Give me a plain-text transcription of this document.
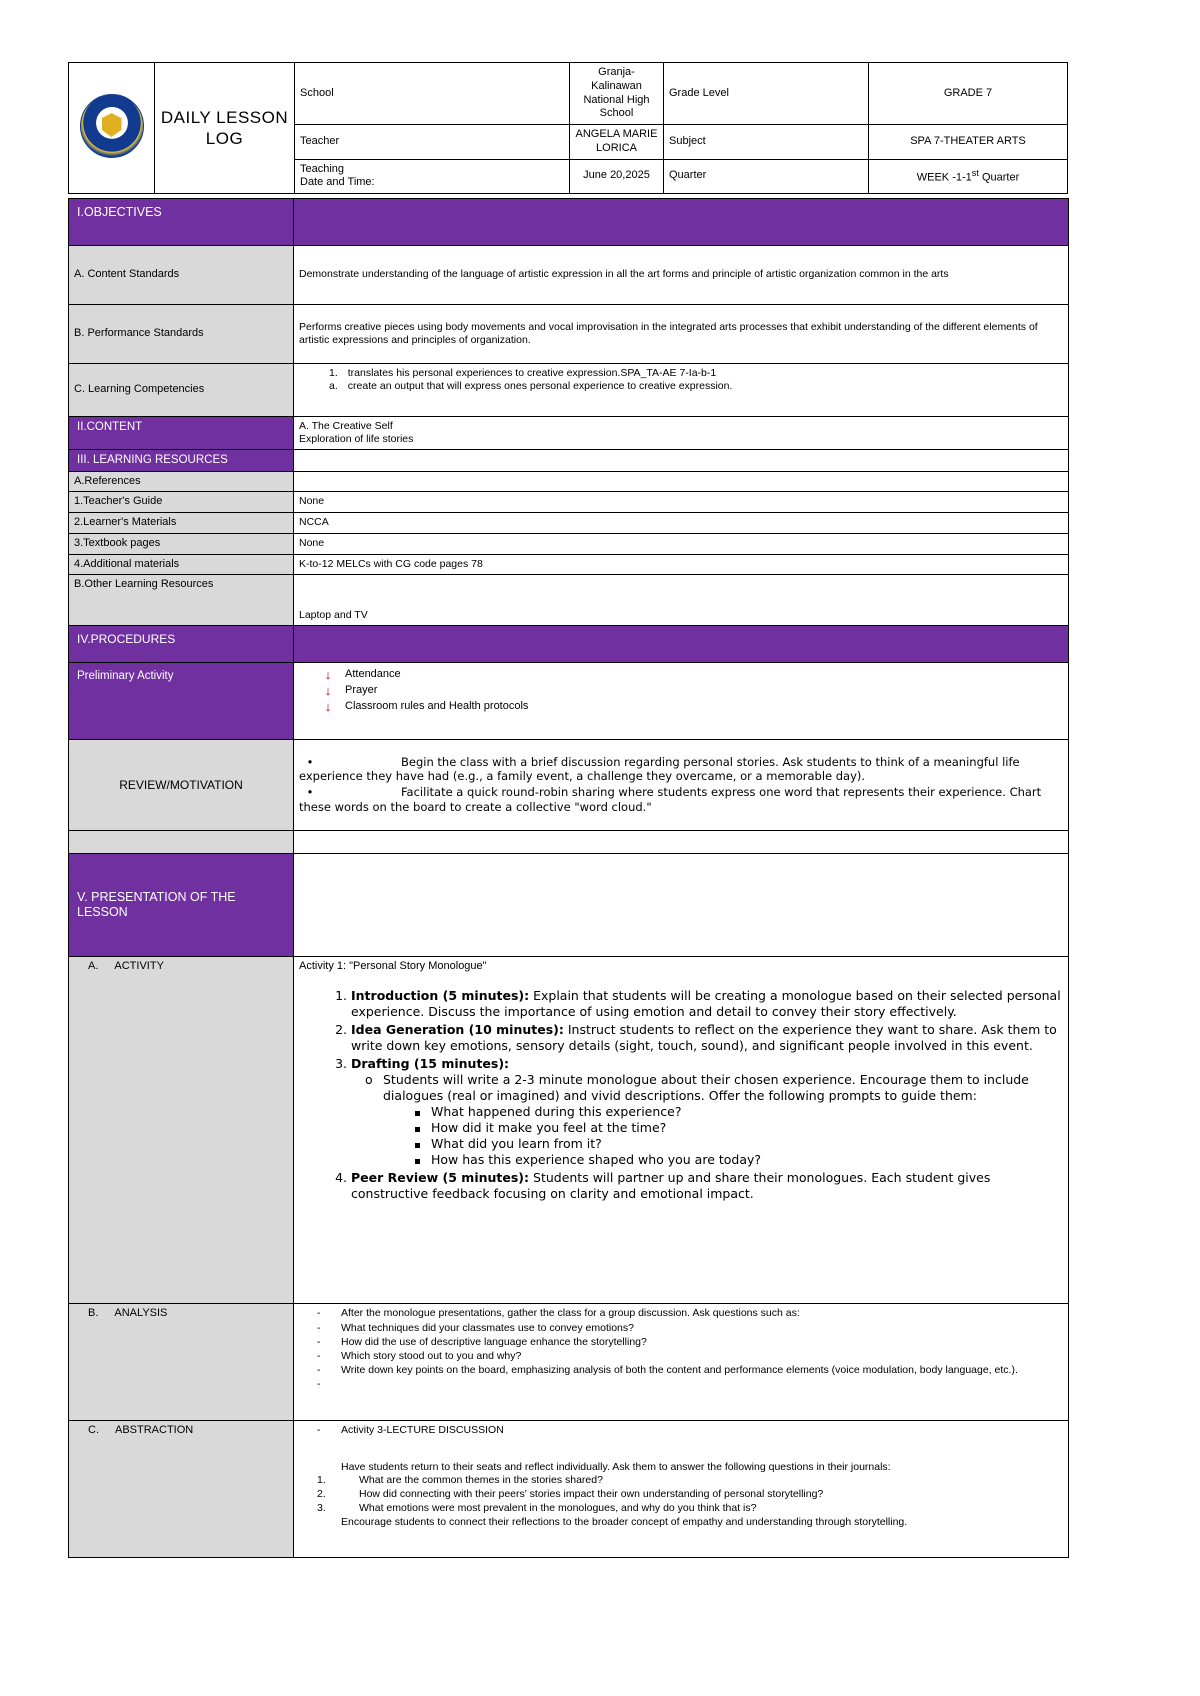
	DAILY LESSON LOG	School	Granja-Kalinawan National High School	Grade Level	GRADE 7
		Teacher	ANGELA MARIE LORICA	Subject	SPA 7-THEATER ARTS
		Teaching
Date and Time:	June 20,2025	Quarter	WEEK -1-1st Quarter
I.OBJECTIVES	
A. Content Standards	Demonstrate understanding of the language of artistic expression in all the art forms and principle of artistic organization common in the arts
B. Performance Standards	Performs creative pieces using body movements and vocal improvisation in the integrated arts processes that exhibit understanding of the different elements of artistic expressions and principles of organization.
C. Learning Competencies	1. translates his personal experiences to creative expression.SPA_TA-AE 7-Ia-b-1
a. create an output that will express ones personal experience to creative expression.

II.CONTENT	A. The Creative Self
Exploration of life stories

III. LEARNING RESOURCES	
A.References	
1.Teacher's Guide	None
2.Learner's Materials	NCCA
3.Textbook pages	None
4.Additional materials	K-to-12 MELCs with CG code pages 78
B.Other Learning Resources	Laptop and TV
IV.PROCEDURES	
Preliminary Activity	↓	Attendance
↓	Prayer
↓	Classroom rules and Health protocols

REVIEW/MOTIVATION	• Begin the class with a brief discussion regarding personal stories. Ask students to think of a meaningful life experience they have had (e.g., a family event, a challenge they overcame, or a memorable day).

• Facilitate a quick round-robin sharing where students express one word that represents their experience. Chart these words on the board to create a collective "word cloud."

V. PRESENTATION OF THE LESSON	

A. ACTIVITY	Activity 1: "Personal Story Monologue"
1. Introduction (5 minutes): Explain that students will be creating a monologue based on their selected personal experience. Discuss the importance of using emotion and detail to convey their story effectively.
2. Idea Generation (10 minutes): Instruct students to reflect on the experience they want to share. Ask them to write down key emotions, sensory details (sight, touch, sound), and significant people involved in this event.
3. Drafting (15 minutes):
o Students will write a 2-3 minute monologue about their chosen experience. Encourage them to include dialogues (real or imagined) and vivid descriptions. Offer the following prompts to guide them:
What happened during this experience?
How did it make you feel at the time?
What did you learn from it?
How has this experience shaped who you are today?
4. Peer Review (5 minutes): Students will partner up and share their monologues. Each student gives constructive feedback focusing on clarity and emotional impact.

B. ANALYSIS	-	After the monologue presentations, gather the class for a group discussion. Ask questions such as:
-	What techniques did your classmates use to convey emotions?
-	How did the use of descriptive language enhance the storytelling?
-	Which story stood out to you and why?
-	Write down key points on the board, emphasizing analysis of both the content and performance elements (voice modulation, body language, etc.).
-

C. ABSTRACTION	-	Activity 3-LECTURE DISCUSSION
Have students return to their seats and reflect individually. Ask them to answer the following questions in their journals:
1.	What are the common themes in the stories shared?
2.	How did connecting with their peers' stories impact their own understanding of personal storytelling?
3.	What emotions were most prevalent in the monologues, and why do you think that is?
Encourage students to connect their reflections to the broader concept of empathy and understanding through storytelling.
